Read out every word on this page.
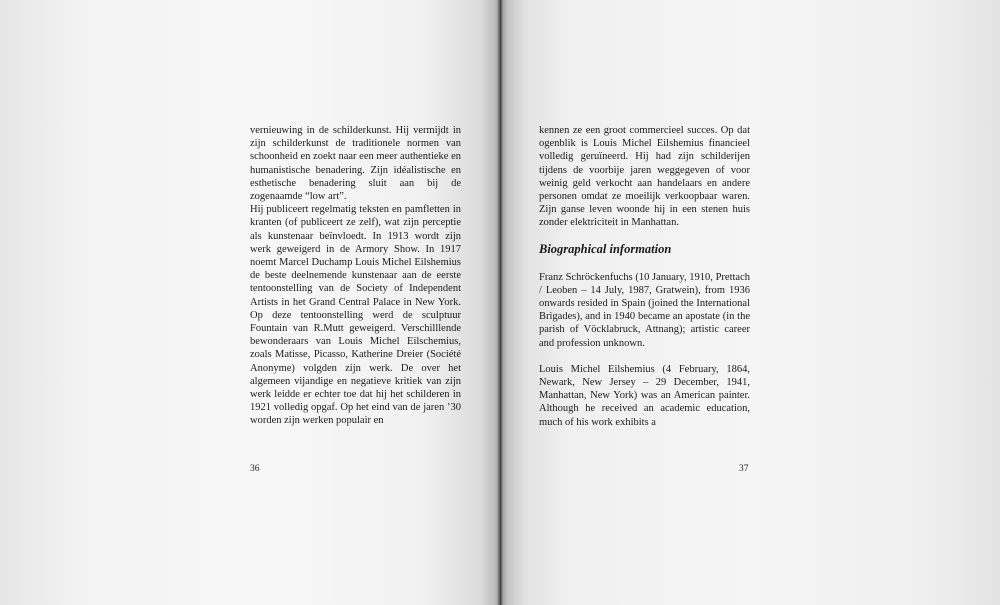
vernieuwing in de schilderkunst. Hij vermijdt in zijn schilderkunst de traditionele normen van schoonheid en zoekt naar een meer authentieke en humanistische benadering. Zijn idéalistische en esthetische benadering sluit aan bij de zogenaamde “low art”.

Hij publiceert regelmatig teksten en pamfletten in kranten (of publiceert ze zelf), wat zijn perceptie als kunstenaar beïnvloedt. In 1913 wordt zijn werk geweigerd in de Armory Show. In 1917 noemt Marcel Duchamp Louis Michel Eilshemius de beste deelnemende kunstenaar aan de eerste tentoonstelling van de Society of Independent Artists in het Grand Central Palace in New York. Op deze tentoonstelling werd de sculptuur Fountain van R.Mutt geweigerd. Verschilllende bewonderaars van Louis Michel Eilschemius, zoals Matisse, Picasso, Katherine Dreier (Société Anonyme) volgden zijn werk. De over het algemeen vijandige en negatieve kritiek van zijn werk leidde er echter toe dat hij het schilderen in 1921 volledig opgaf. Op het eind van de jaren ’30 worden zijn werken populair en

36

kennen ze een groot commercieel succes. Op dat ogenblik is Louis Michel Eilshemius financieel volledig geruïneerd. Hij had zijn schilderijen tijdens de voorbije jaren weggegeven of voor weinig geld verkocht aan handelaars en andere personen omdat ze moeilijk verkoopbaar waren. Zijn ganse leven woonde hij in een stenen huis zonder elektriciteit in Manhattan.

Biographical information

Franz Schröckenfuchs (10 January, 1910, Prettach / Leoben – 14 July, 1987, Gratwein), from 1936 onwards resided in Spain (joined the International Brigades), and in 1940 became an apostate (in the parish of Vöcklabruck, Attnang); artistic career and profession unknown.

Louis Michel Eilshemius (4 February, 1864, Newark, New Jersey – 29 December, 1941, Manhattan, New York) was an American painter. Although he received an academic education, much of his work exhibits a

37
